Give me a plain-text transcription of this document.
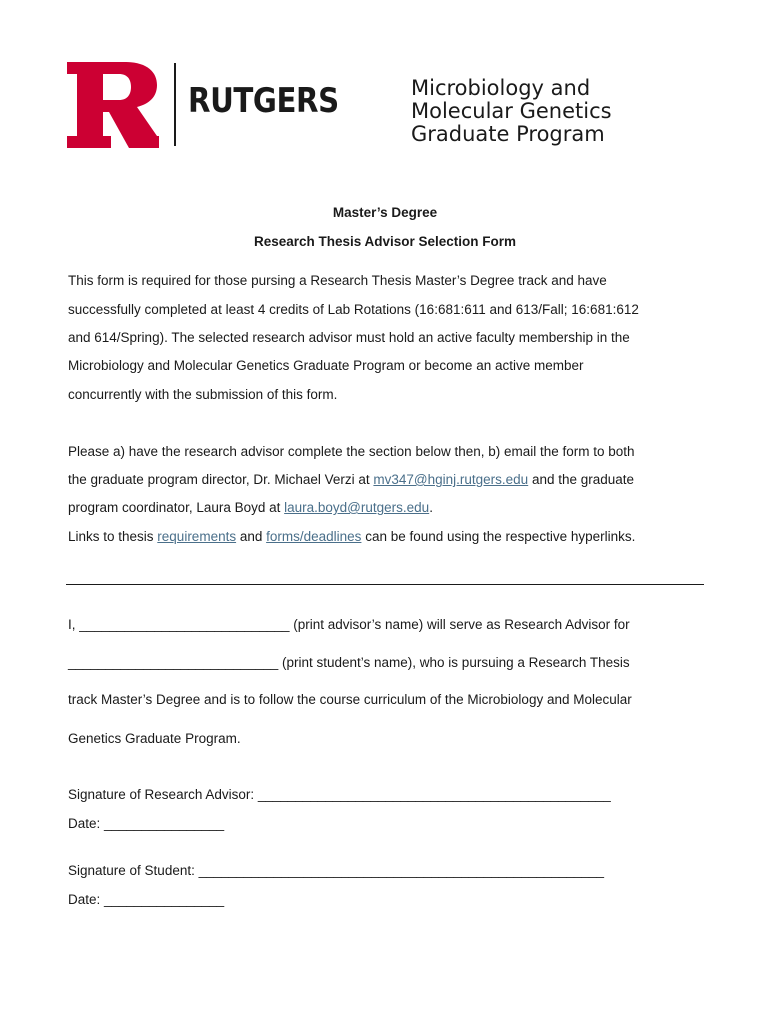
RUTGERS	Microbiology and
Molecular Genetics
Graduate Program
Master’s Degree
Research Thesis Advisor Selection Form
This form is required for those pursing a Research Thesis Master’s Degree track and have
successfully completed at least 4 credits of Lab Rotations (16:681:611 and 613/Fall; 16:681:612
and 614/Spring). The selected research advisor must hold an active faculty membership in the
Microbiology and Molecular Genetics Graduate Program or become an active member
concurrently with the submission of this form.
Please a) have the research advisor complete the section below then, b) email the form to both
the graduate program director, Dr. Michael Verzi at mv347@hginj.rutgers.edu and the graduate
program coordinator, Laura Boyd at laura.boyd@rutgers.edu.
Links to thesis requirements and forms/deadlines can be found using the respective hyperlinks.
I, ____________________________ (print advisor’s name) will serve as Research Advisor for
____________________________ (print student’s name), who is pursuing a Research Thesis
track Master’s Degree and is to follow the course curriculum of the Microbiology and Molecular
Genetics Graduate Program.
Signature of Research Advisor: _______________________________________________
Date: ________________
Signature of Student: ______________________________________________________
Date: ________________
